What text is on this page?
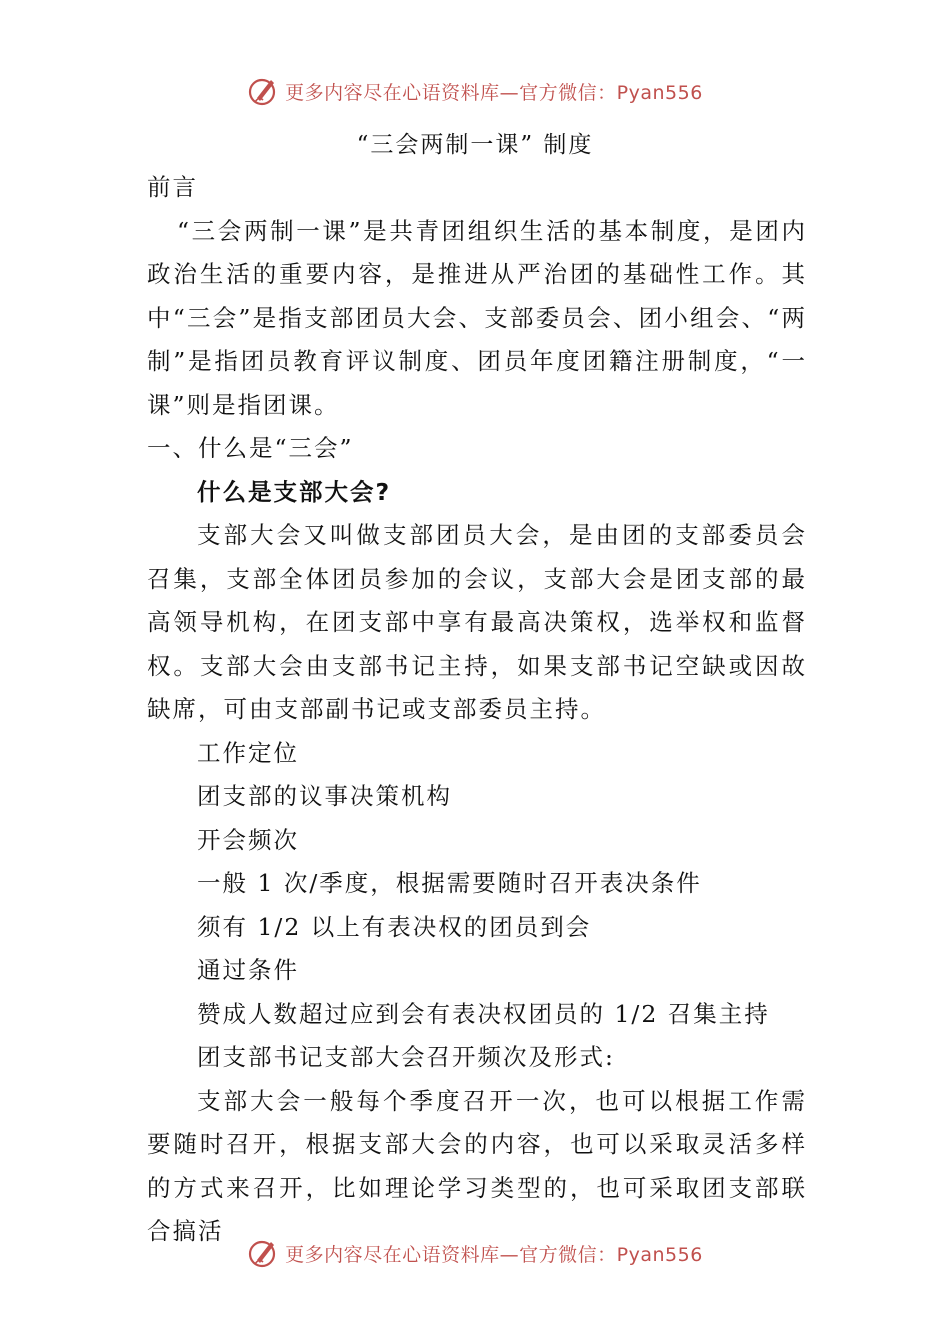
更多内容尽在心语资料库—官方微信：Pyan556
“三会两制一课” 制度

前言

“三会两制一课”是共青团组织生活的基本制度，是团内政治生活的重要内容，是推进从严治团的基础性工作。其中“三会”是指支部团员大会、支部委员会、团小组会、“两制”是指团员教育评议制度、团员年度团籍注册制度，“一课”则是指团课。

一、什么是“三会”

什么是支部大会?

支部大会又叫做支部团员大会，是由团的支部委员会召集，支部全体团员参加的会议，支部大会是团支部的最高领导机构，在团支部中享有最高决策权，选举权和监督权。支部大会由支部书记主持，如果支部书记空缺或因故缺席，可由支部副书记或支部委员主持。

工作定位

团支部的议事决策机构

开会频次

一般 1 次/季度，根据需要随时召开表决条件

须有 1/2 以上有表决权的团员到会

通过条件

赞成人数超过应到会有表决权团员的 1/2 召集主持

团支部书记支部大会召开频次及形式:

支部大会一般每个季度召开一次，也可以根据工作需要随时召开，根据支部大会的内容，也可以采取灵活多样的方式来召开，比如理论学习类型的，也可采取团支部联合搞活

更多内容尽在心语资料库—官方微信：Pyan556
